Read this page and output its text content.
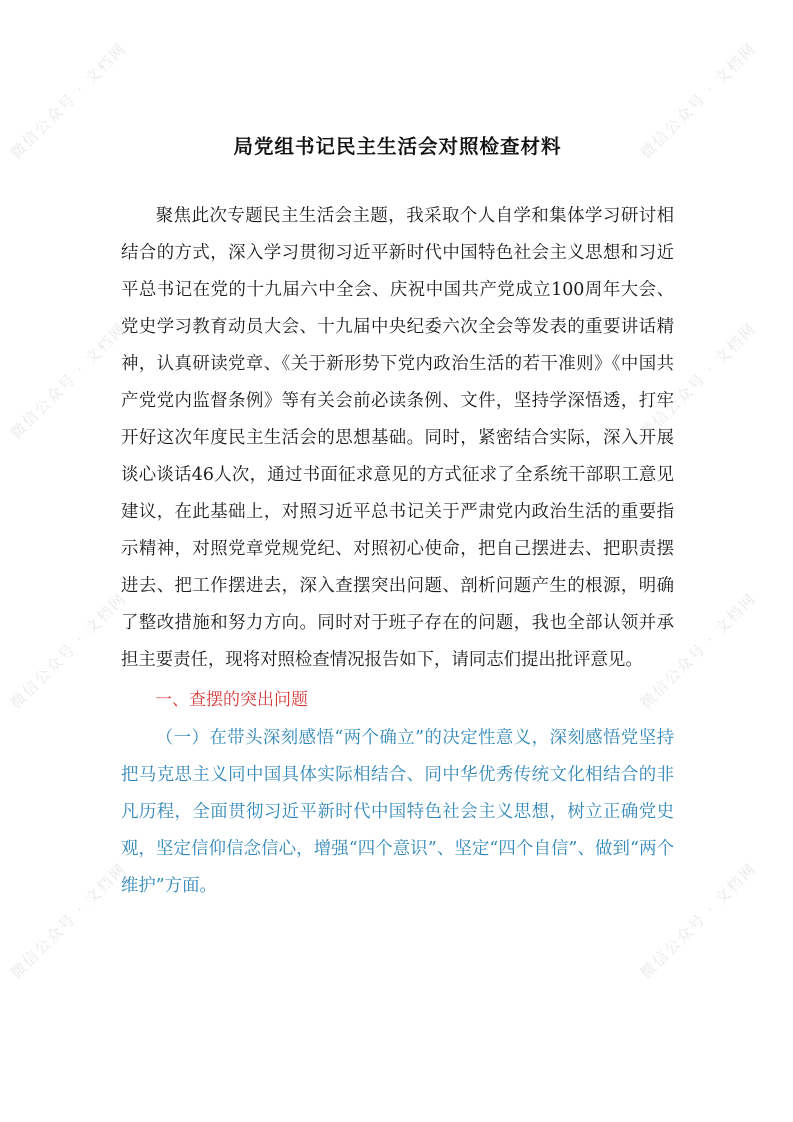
微信公众号 · 文档网	微信公众号 · 文档网
微信公众号 · 文档网	微信公众号 · 文档网
微信公众号 · 文档网	微信公众号 · 文档网
微信公众号 · 文档网	微信公众号 · 文档网
局党组书记民主生活会对照检查材料

聚焦此次专题民主生活会主题，我采取个人自学和集体学习研讨相结合的方式，深入学习贯彻习近平新时代中国特色社会主义思想和习近平总书记在党的十九届六中全会、庆祝中国共产党成立100周年大会、党史学习教育动员大会、十九届中央纪委六次全会等发表的重要讲话精神，认真研读党章、《关于新形势下党内政治生活的若干准则》《中国共产党党内监督条例》等有关会前必读条例、文件，坚持学深悟透，打牢开好这次年度民主生活会的思想基础。同时，紧密结合实际，深入开展谈心谈话46人次，通过书面征求意见的方式征求了全系统干部职工意见建议，在此基础上，对照习近平总书记关于严肃党内政治生活的重要指示精神，对照党章党规党纪、对照初心使命，把自己摆进去、把职责摆进去、把工作摆进去，深入查摆突出问题、剖析问题产生的根源，明确了整改措施和努力方向。同时对于班子存在的问题，我也全部认领并承担主要责任，现将对照检查情况报告如下，请同志们提出批评意见。

一、查摆的突出问题

（一）在带头深刻感悟“两个确立”的决定性意义，深刻感悟党坚持把马克思主义同中国具体实际相结合、同中华优秀传统文化相结合的非凡历程，全面贯彻习近平新时代中国特色社会主义思想，树立正确党史观，坚定信仰信念信心，增强“四个意识”、坚定“四个自信”、做到“两个维护”方面。
